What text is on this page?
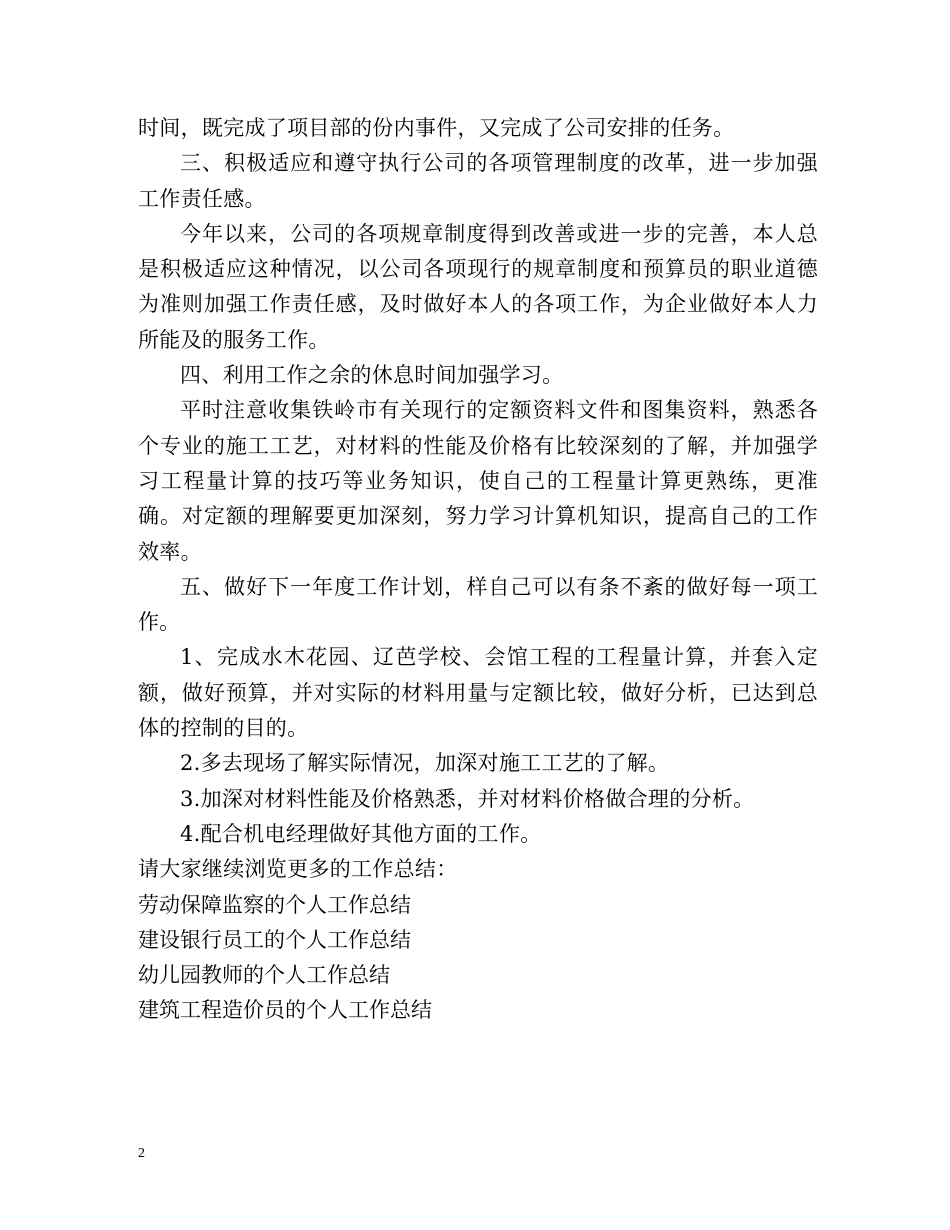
时间，既完成了项目部的份内事件，又完成了公司安排的任务。

三、积极适应和遵守执行公司的各项管理制度的改革，进一步加强工作责任感。

今年以来，公司的各项规章制度得到改善或进一步的完善，本人总是积极适应这种情况，以公司各项现行的规章制度和预算员的职业道德为准则加强工作责任感，及时做好本人的各项工作，为企业做好本人力所能及的服务工作。

四、利用工作之余的休息时间加强学习。

平时注意收集铁岭市有关现行的定额资料文件和图集资料，熟悉各个专业的施工工艺，对材料的性能及价格有比较深刻的了解，并加强学习工程量计算的技巧等业务知识，使自己的工程量计算更熟练，更准确。对定额的理解要更加深刻，努力学习计算机知识，提高自己的工作效率。

五、做好下一年度工作计划，样自己可以有条不紊的做好每一项工作。

1、完成水木花园、辽芭学校、会馆工程的工程量计算，并套入定额，做好预算，并对实际的材料用量与定额比较，做好分析，已达到总体的控制的目的。

2.多去现场了解实际情况，加深对施工工艺的了解。

3.加深对材料性能及价格熟悉，并对材料价格做合理的分析。

4.配合机电经理做好其他方面的工作。

请大家继续浏览更多的工作总结：

劳动保障监察的个人工作总结
建设银行员工的个人工作总结
幼儿园教师的个人工作总结
建筑工程造价员的个人工作总结
2
